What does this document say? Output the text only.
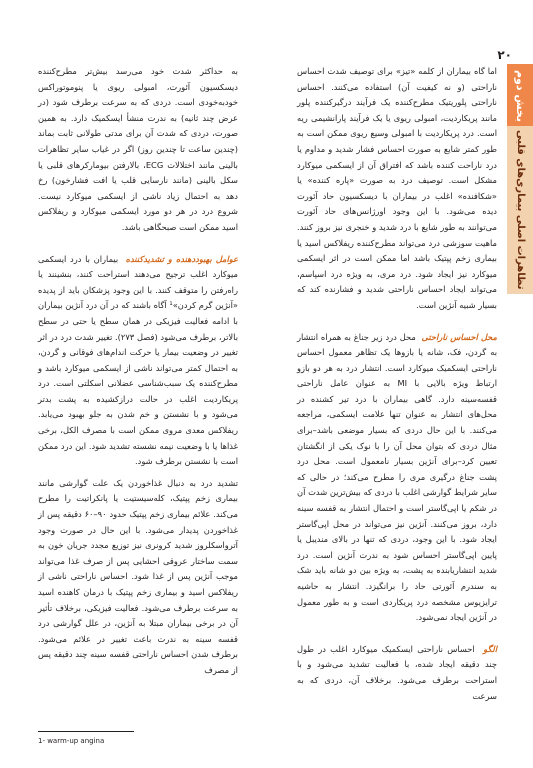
۲۰
بخش دوم
تظاهرات اصلی بیماری‌های قلبی

اما گاه بیماران از کلمه «تیز» برای توصیف شدت احساس ناراحتی (و نه کیفیت آن) استفاده می‌کنند. احساس ناراحتی پلوریتیک مطرح‌کننده یک فرآیند درگیرکننده پلور مانند پریکاردیت، امبولی ریوی یا یک فرآیند پارانشیمی ریه است. درد پریکاردیت با امبولی وسیع ریوی ممکن است به طور کمتر شایع به صورت احساس فشار شدید و مداوم یا درد ناراحت کننده باشد که افتراق آن از ایسکمی میوکارد مشکل است. توصیف درد به صورت «پاره کننده» یا «شکافنده» اغلب در بیماران با دیسکسیون حاد آئورت دیده می‌شود. با این وجود اورژانس‌های حاد آئورت می‌توانند به طور شایع با درد شدید و خنجری نیز بروز کنند. ماهیت سوزشی درد می‌تواند مطرح‌کننده ریفلاکس اسید یا بیماری زخم پپتیک باشد اما ممکن است در اثر ایسکمی میوکارد نیز ایجاد شود. درد مری، به ویژه درد اسپاسم، می‌تواند ایجاد احساس ناراحتی شدید و فشارنده کند که بسیار شبیه آنژین است.

محل احساس ناراحتی  محل درد زیر جناغ به همراه انتشار به گردن، فک، شانه یا بازوها یک تظاهر معمول احساس ناراحتی ایسکمیک میوکارد است. انتشار درد به هر دو بازو ارتباط ویژه بالایی با MI به عنوان عامل ناراحتی قفسه‌سینه دارد. گاهی بیماران با درد تیر کشنده در محل‌های انتشار به عنوان تنها علامت ایسکمی، مراجعه می‌کنند. با این حال دردی که بسیار موضعی باشد–برای مثال دردی که بتوان محل آن را با نوک یکی از انگشتان تعیین کرد–برای آنژین بسیار نامعمول است. محل درد پشت جناغ درگیری مری را مطرح می‌کند؛ در حالی که سایر شرایط گوارشی اغلب با دردی که بیش‌ترین شدت آن در شکم یا اپی‌گاستر است و احتمال انتشار به قفسه سینه دارد، بروز می‌کنند. آنژین نیز می‌تواند در محل اپی‌گاستر ایجاد شود. با این وجود، دردی که تنها در بالای منديبل يا پايين اپی‌گاستر احساس شود به ندرت آنژین است. درد شدید انتشاریابنده به پشت، به ویژه بین دو شانه باید شک به سندرم آئورتی حاد را برانگیزد. انتشار به حاشیه ترایزیوس مشخصه درد پریکاردی است و به طور معمول در آنژین ایجاد نمی‌شود.

الگو  احساس ناراحتی ایسکمیک میوکارد اغلب در طول چند دقیقه ایجاد شده، با فعالیت تشدید می‌شود و با استراحت برطرف می‌شود. برخلاف آن، دردی که به سرعت

به حداکثر شدت خود می‌رسد بیش‌تر مطرح‌کننده دیسکسیون آئورت، امبولی ریوی یا پنوموتوراکس خودبه‌خودی است. دردی که به سرعت برطرف شود (در عرض چند ثانیه) به ندرت منشأ ایسکمیک دارد. به همین صورت، دردی که شدت آن برای مدتی طولانی ثابت بماند (چندین ساعت تا چندین روز) اگر در غیاب سایر تظاهرات بالینی مانند اختلالات ECG، بالارفتن بیومارکرهای قلبی یا سکل بالینی (مانند نارسایی قلب یا افت فشارخون) رخ دهد به احتمال زیاد ناشی از ایسکمی میوکارد نیست. شروع درد در هر دو مورد ایسکمی میوکارد و ریفلاکس اسید ممکن است صبحگاهی باشد.

عوامل بهبوددهنده و تشدیدکننده  بیماران با درد ایسکمی میوکارد اغلب ترجیح می‌دهند استراحت کنند، بنشینند یا راه‌رفتن را متوقف کنند. با این وجود پزشکان باید از پدیده «آنژین گرم کردن»¹ آگاه باشند که در آن درد آنژین بیماران با ادامه فعالیت فیزیکی در همان سطح یا حتی در سطح بالاتر، برطرف می‌شود (فصل ۲۷۳). تغییر شدت درد در اثر تغییر در وضعیت بیمار یا حرکت اندام‌های فوقانی و گردن، به احتمال کمتر می‌تواند ناشی از ایسکمی میوکارد باشد و مطرح‌کننده یک سبب‌شناسی عضلانی اسکلتی است. درد پریکاردیت اغلب در حالت درازکشیده به پشت بدتر می‌شود و با نشستن و خم شدن به جلو بهبود می‌یابد. ریفلاکس معدی مروی ممکن است با مصرف الکل، برخی غذاها یا با وضعیت نیمه نشسته تشدید شود. این درد ممکن است با نشستن برطرف شود.

تشدید درد به دنبال غذاخوردن یک علت گوارشی مانند بیماری زخم پپتیک، کله‌سیستیت یا پانکراتیت را مطرح می‌کند. علائم بیماری زخم پپتیک حدود ۹۰–۶۰ دقیقه پس از غذاخوردن پدیدار می‌شود. با این حال در صورت وجود آترواسکلروز شدید کرونری نیز توزیع مجدد جریان خون به سمت ساختار عروقی احشایی پس از صرف غذا می‌تواند موجب آنژین پس از غذا شود. احساس ناراحتی ناشی از ریفلاکس اسید و بیماری زخم پپتیک با درمان کاهنده اسید به سرعت برطرف می‌شود. فعالیت فیزیکی، برخلاف تأثیر آن در برخی بیماران مبتلا به آنژین، در علل گوارشی درد قفسه سینه به ندرت باعث تغییر در علائم می‌شود. برطرف شدن احساس ناراحتی قفسه سینه چند دقیقه پس از مصرف

1- warm-up angina
